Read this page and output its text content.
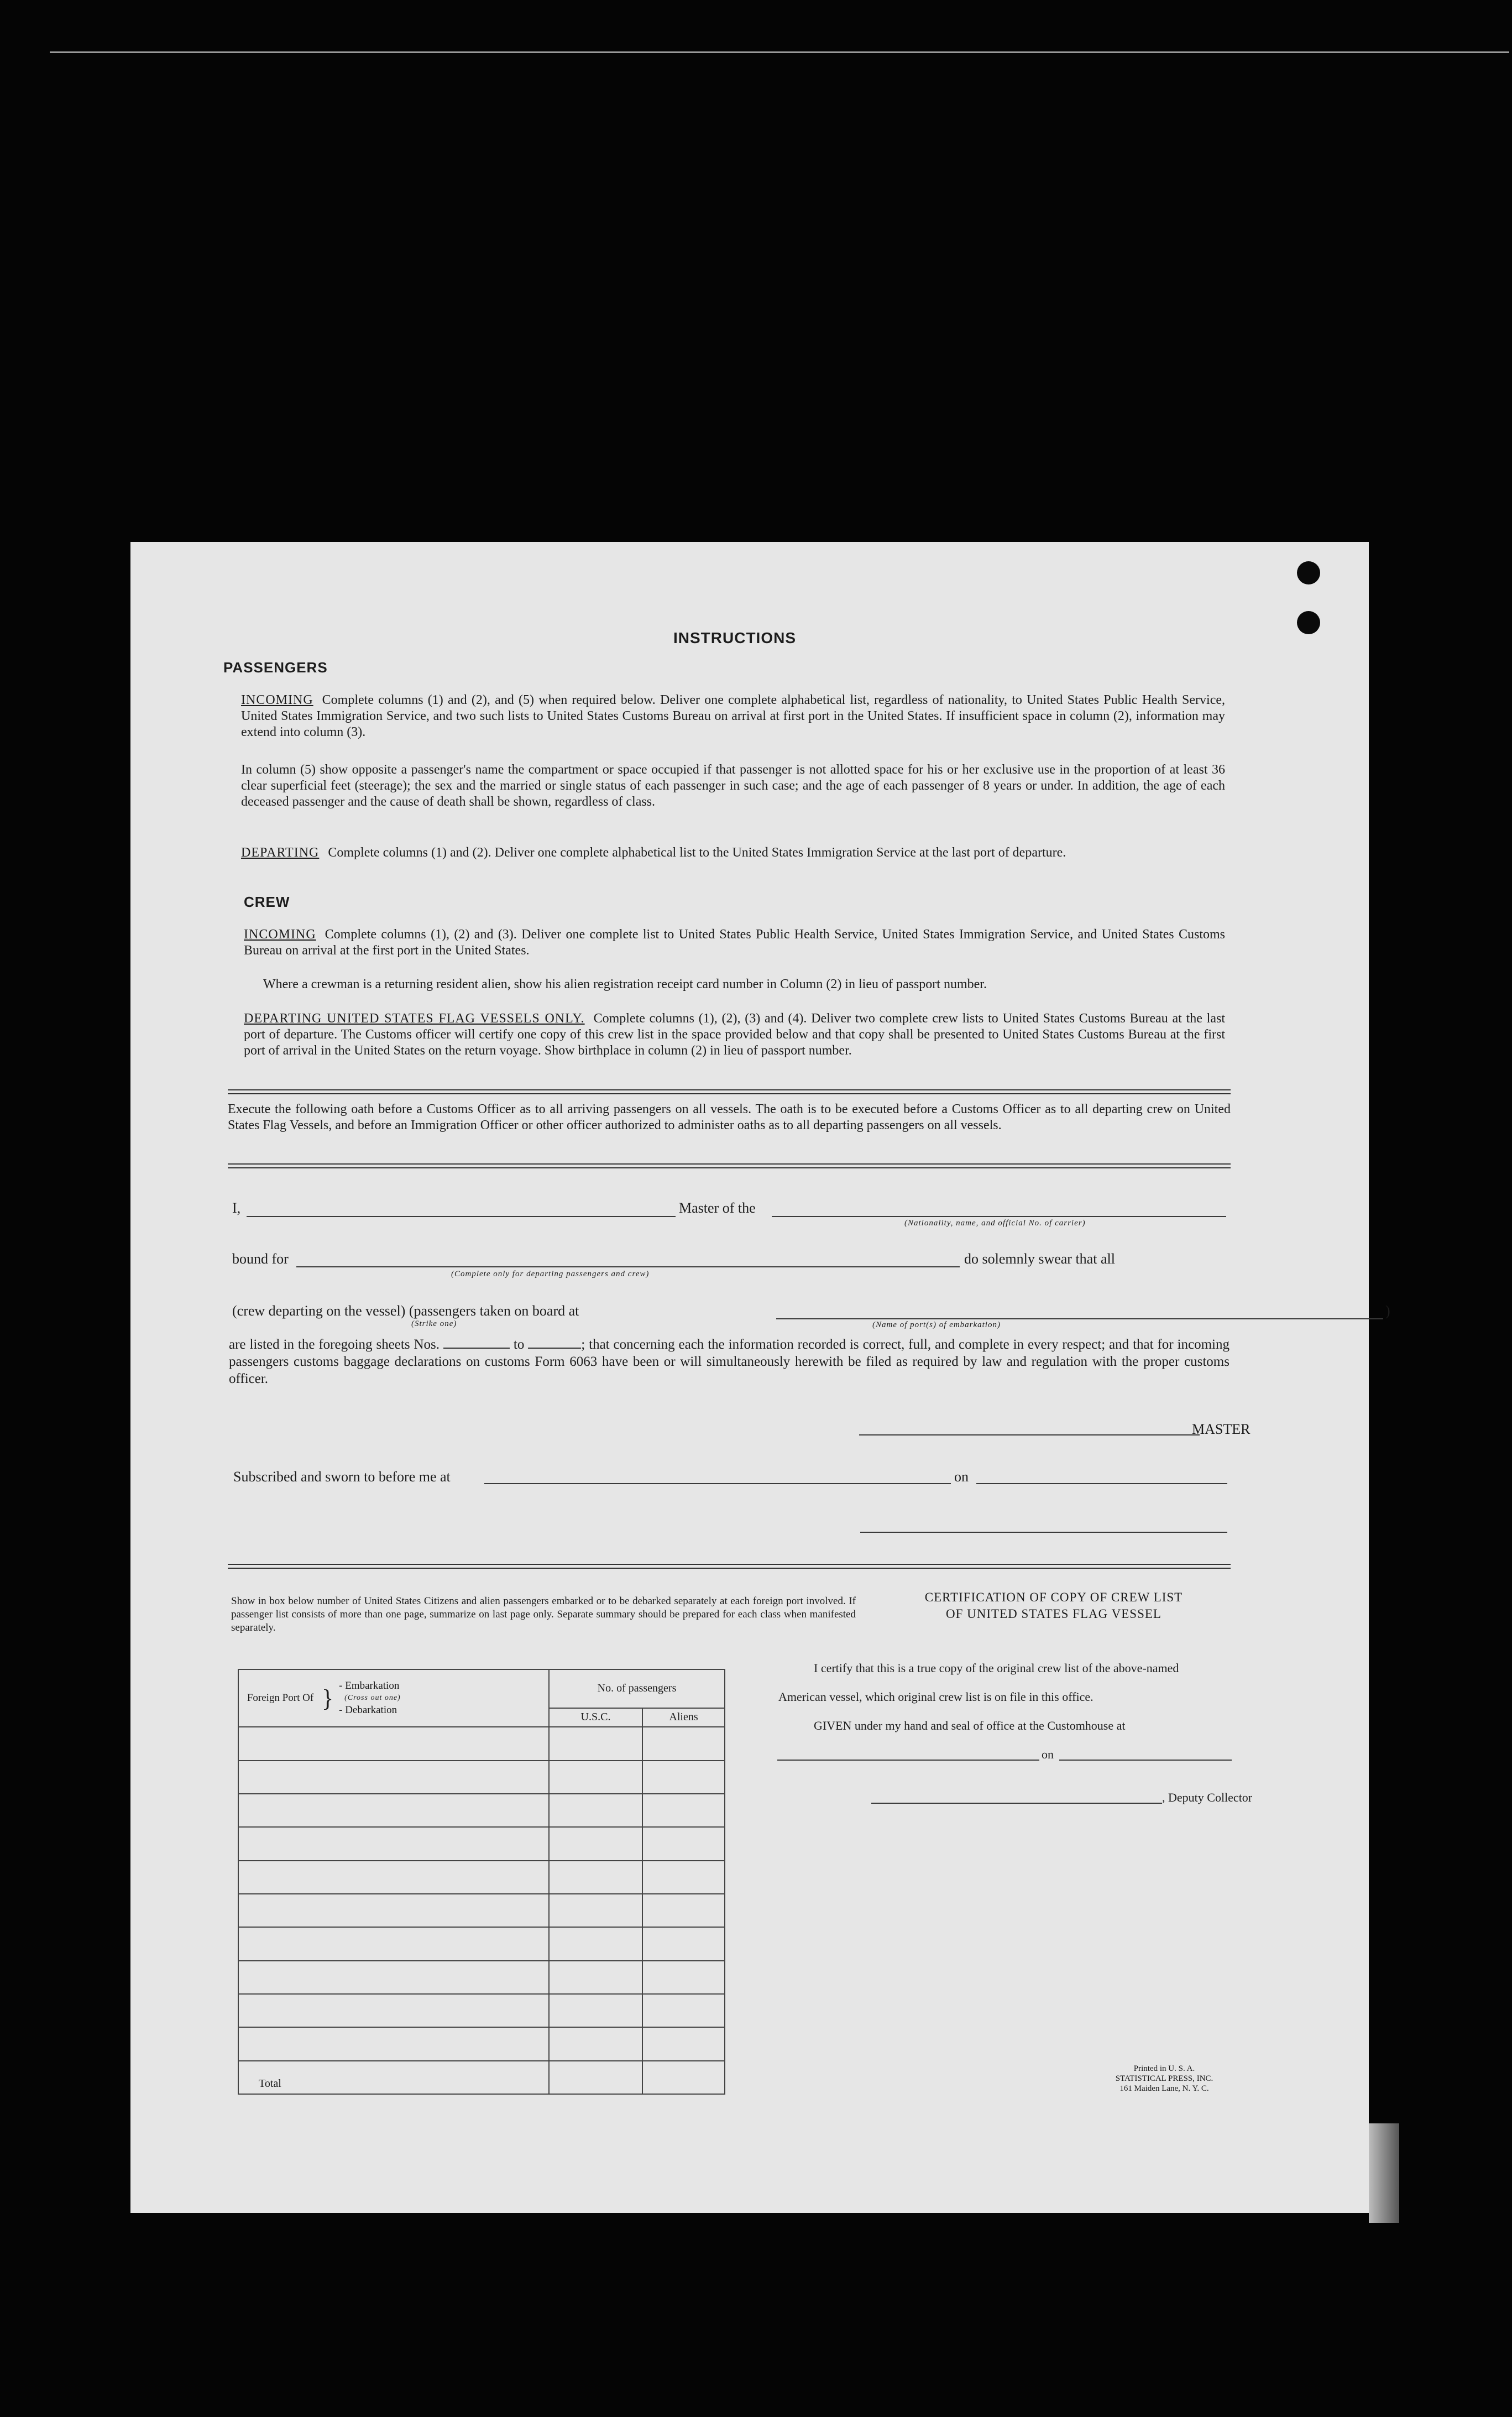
INSTRUCTIONS
PASSENGERS
INCOMING Complete columns (1) and (2), and (5) when required below. Deliver one complete alphabetical list, regardless of nationality, to United States Public Health Service, United States Immigration Service, and two such lists to United States Customs Bureau on arrival at first port in the United States. If insufficient space in column (2), information may extend into column (3).
In column (5) show opposite a passenger's name the compartment or space occupied if that passenger is not allotted space for his or her exclusive use in the proportion of at least 36 clear superficial feet (steerage); the sex and the married or single status of each passenger in such case; and the age of each passenger of 8 years or under. In addition, the age of each deceased passenger and the cause of death shall be shown, regardless of class.
DEPARTING Complete columns (1) and (2). Deliver one complete alphabetical list to the United States Immigration Service at the last port of departure.
CREW
INCOMING Complete columns (1), (2) and (3). Deliver one complete list to United States Public Health Service, United States Immigration Service, and United States Customs Bureau on arrival at the first port in the United States.
Where a crewman is a returning resident alien, show his alien registration receipt card number in Column (2) in lieu of passport number.
DEPARTING UNITED STATES FLAG VESSELS ONLY. Complete columns (1), (2), (3) and (4). Deliver two complete crew lists to United States Customs Bureau at the last port of departure. The Customs officer will certify one copy of this crew list in the space provided below and that copy shall be presented to United States Customs Bureau at the first port of arrival in the United States on the return voyage. Show birthplace in column (2) in lieu of passport number.
Execute the following oath before a Customs Officer as to all arriving passengers on all vessels. The oath is to be executed before a Customs Officer as to all departing crew on United States Flag Vessels, and before an Immigration Officer or other officer authorized to administer oaths as to all departing passengers on all vessels.
I,	Master of the
(Nationality, name, and official No. of carrier)
bound for
(Complete only for departing passengers and crew)
do solemnly swear that all
(crew departing on the vessel) (passengers taken on board at	)
(Strike one)	(Name of port(s) of embarkation)
are listed in the foregoing sheets Nos.	to	; that concerning each the information recorded is correct, full, and complete in every respect; and that for incoming passengers customs baggage declarations on customs Form 6063 have been or will simultaneously herewith be filed as required by law and regulation with the proper customs officer.
MASTER
Subscribed and sworn to before me at	on
Show in box below number of United States Citizens and alien passengers embarked or to be debarked separately at each foreign port involved. If passenger list consists of more than one page, summarize on last page only. Separate summary should be prepared for each class when manifested separately.
Foreign Port Of } - Embarkation
(Cross out one)
- Debarkation	No. of passengers	
	U.S.C.	Aliens

Total		
CERTIFICATION OF COPY OF CREW LIST
OF UNITED STATES FLAG VESSEL
I certify that this is a true copy of the original crew list of the above-named
American vessel, which original crew list is on file in this office.
GIVEN under my hand and seal of office at the Customhouse at
on
, Deputy Collector
Printed in U. S. A.
STATISTICAL PRESS, INC.
161 Maiden Lane, N. Y. C.
